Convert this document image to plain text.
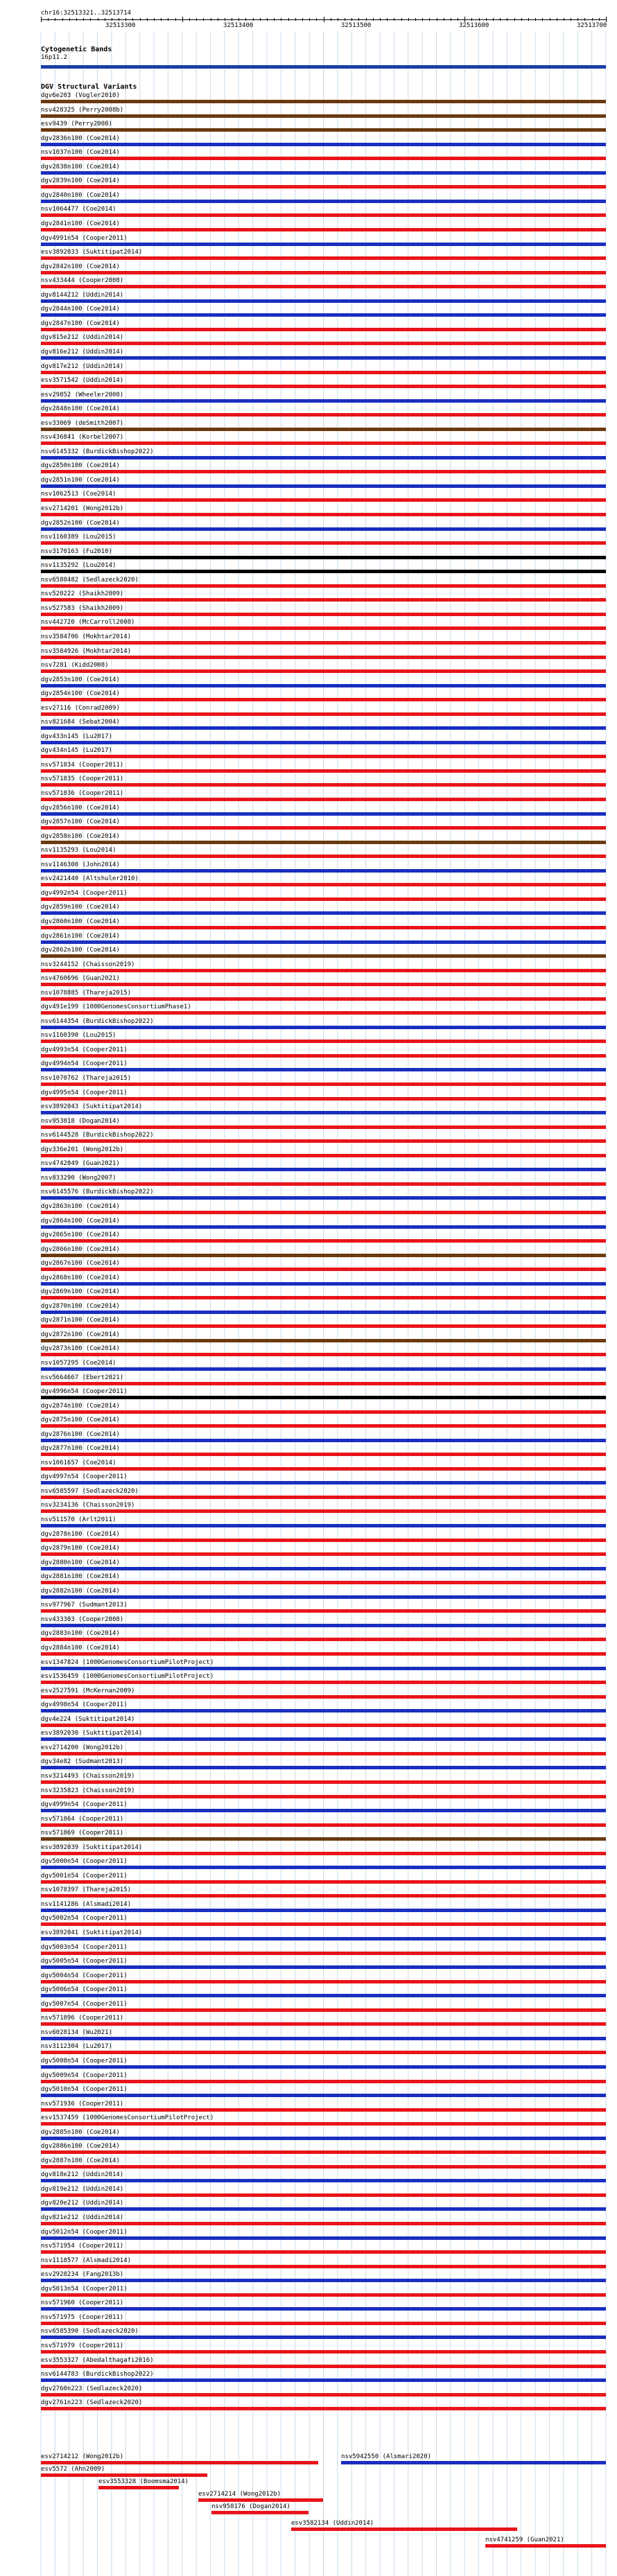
chr16:32513321..32513714
32513300	32513400	32513500	32513600	32513700
Cytogenetic Bands
16p11.2
DGV Structural Variants
dgv6e203 (Vogler2010)
nsv428325 (Perry2008b)
esv9439 (Perry2008)
dgv2836n100 (Coe2014)
nsv1037n100 (Coe2014)
dgv2838n100 (Coe2014)
dgv2839n100 (Coe2014)
dgv2840n100 (Coe2014)
nsv1064477 (Coe2014)
dgv2841n100 (Coe2014)
dgv4991n54 (Cooper2011)
esv3892033 (Suktitipat2014)
dgv2842n100 (Coe2014)
nsv433444 (Cooper2008)
dgv8144212 (Uddin2014)
dgv2844n100 (Coe2014)
dgv2847n100 (Coe2014)
dgv815e212 (Uddin2014)
dgv816e212 (Uddin2014)
dgv817e212 (Uddin2014)
esv3571542 (Uddin2014)
esv29852 (Wheeler2008)
dgv2848n100 (Coe2014)
esv33069 (deSmith2007)
nsv436841 (Korbel2007)
nsv6145332 (BurdickBishop2022)
dgv2850n100 (Coe2014)
dgv2851n100 (Coe2014)
nsv1062513 (Coe2014)
esv2714201 (Wong2012b)
dgv2852n100 (Coe2014)
nsv1160389 (Lou2015)
nsv3170163 (Fu2010)
nsv1135292 (Lou2014)
nsv6588482 (Sedlazeck2020)
nsv520222 (Shaikh2009)
nsv527583 (Shaikh2009)
nsv442720 (McCarroll2008)
nsv3584706 (Mokhtar2014)
nsv3584926 (Mokhtar2014)
nsv7281 (Kidd2008)
dgv2853n100 (Coe2014)
dgv2854n100 (Coe2014)
esv27116 (Conrad2009)
nsv821684 (Sebat2004)
dgv433n145 (Lu2017)
dgv434n145 (Lu2017)
nsv571834 (Cooper2011)
nsv571835 (Cooper2011)
nsv571836 (Cooper2011)
dgv2856n100 (Coe2014)
dgv2857n100 (Coe2014)
dgv2858n100 (Coe2014)
nsv1135293 (Lou2014)
nsv1146300 (John2014)
esv2421440 (Altshuler2010)
dgv4992n54 (Cooper2011)
dgv2859n100 (Coe2014)
dgv2860n100 (Coe2014)
dgv2861n100 (Coe2014)
dgv2862n100 (Coe2014)
nsv3244152 (Chaisson2019)
nsv4760696 (Guan2021)
nsv1078885 (Thareja2015)
dgv491e199 (1000GenomesConsortiumPhase1)
nsv6144354 (BurdickBishop2022)
nsv1160390 (Lou2015)
dgv4993n54 (Cooper2011)
dgv4994n54 (Cooper2011)
nsv1070762 (Thareja2015)
dgv4995n54 (Cooper2011)
esv3892043 (Suktitipat2014)
nsv953818 (Dogan2014)
nsv6144528 (BurdickBishop2022)
dgv336e201 (Wong2012b)
nsv4742049 (Guan2021)
nsv833290 (Wong2007)
nsv6145576 (BurdickBishop2022)
dgv2863n100 (Coe2014)
dgv2864n100 (Coe2014)
dgv2865n100 (Coe2014)
dgv2866n100 (Coe2014)
dgv2867n100 (Coe2014)
dgv2868n100 (Coe2014)
dgv2869n100 (Coe2014)
dgv2870n100 (Coe2014)
dgv2871n100 (Coe2014)
dgv2872n100 (Coe2014)
dgv2873n100 (Coe2014)
nsv1057295 (Coe2014)
nsv5664667 (Ebert2021)
dgv4996n54 (Cooper2011)
dgv2874n100 (Coe2014)
dgv2875n100 (Coe2014)
dgv2876n100 (Coe2014)
dgv2877n100 (Coe2014)
nsv1061657 (Coe2014)
dgv4997n54 (Cooper2011)
nsv6585597 (Sedlazeck2020)
nsv3234136 (Chaisson2019)
nsv511570 (Arlt2011)
dgv2878n100 (Coe2014)
dgv2879n100 (Coe2014)
dgv2880n100 (Coe2014)
dgv2881n100 (Coe2014)
dgv2882n100 (Coe2014)
nsv977967 (Sudmant2013)
nsv433303 (Cooper2008)
dgv2883n100 (Coe2014)
dgv2884n100 (Coe2014)
esv1347824 (1000GenomesConsortiumPilotProject)
esv1536459 (1000GenomesConsortiumPilotProject)
esv2527591 (McKernan2009)
dgv4998n54 (Cooper2011)
dgv4e224 (Suktitipat2014)
esv3892030 (Suktitipat2014)
esv2714200 (Wong2012b)
dgv34e82 (Sudmant2013)
nsv3214493 (Chaisson2019)
nsv3235823 (Chaisson2019)
dgv4999n54 (Cooper2011)
nsv571864 (Cooper2011)
nsv571869 (Cooper2011)
esv3892039 (Suktitipat2014)
dgv5000n54 (Cooper2011)
dgv5001n54 (Cooper2011)
nsv1078397 (Thareja2015)
nsv1141286 (Alsmadi2014)
dgv5002n54 (Cooper2011)
esv3892041 (Suktitipat2014)
dgv5003n54 (Cooper2011)
dgv5005n54 (Cooper2011)
dgv5004n54 (Cooper2011)
dgv5006n54 (Cooper2011)
dgv5007n54 (Cooper2011)
nsv571896 (Cooper2011)
nsv6028134 (Wu2021)
nsv3112304 (Lu2017)
dgv5008n54 (Cooper2011)
dgv5009n54 (Cooper2011)
dgv5010n54 (Cooper2011)
nsv571936 (Cooper2011)
esv1537459 (1000GenomesConsortiumPilotProject)
dgv2885n100 (Coe2014)
dgv2886n100 (Coe2014)
dgv2887n100 (Coe2014)
dgv818e212 (Uddin2014)
dgv819e212 (Uddin2014)
dgv820e212 (Uddin2014)
dgv821e212 (Uddin2014)
dgv5012n54 (Cooper2011)
nsv571954 (Cooper2011)
nsv1118577 (Alsmadi2014)
esv2928234 (Fang2013b)
dgv5013n54 (Cooper2011)
nsv571960 (Cooper2011)
nsv571975 (Cooper2011)
nsv6585390 (Sedlazeck2020)
nsv571979 (Cooper2011)
esv3553327 (Abedalthagafi2016)
nsv6144783 (BurdickBishop2022)
dgv2760n223 (Sedlazeck2020)
dgv2761n223 (Sedlazeck2020)
esv2714212 (Wong2012b)	nsv5942550 (Alsmari2020)
esv5572 (Ahn2009)
esv3553328 (Boomsma2014)
esv2714214 (Wong2012b)
nsv958176 (Dogan2014)
esv3582134 (Uddin2014)
nsv4741259 (Guan2021)
